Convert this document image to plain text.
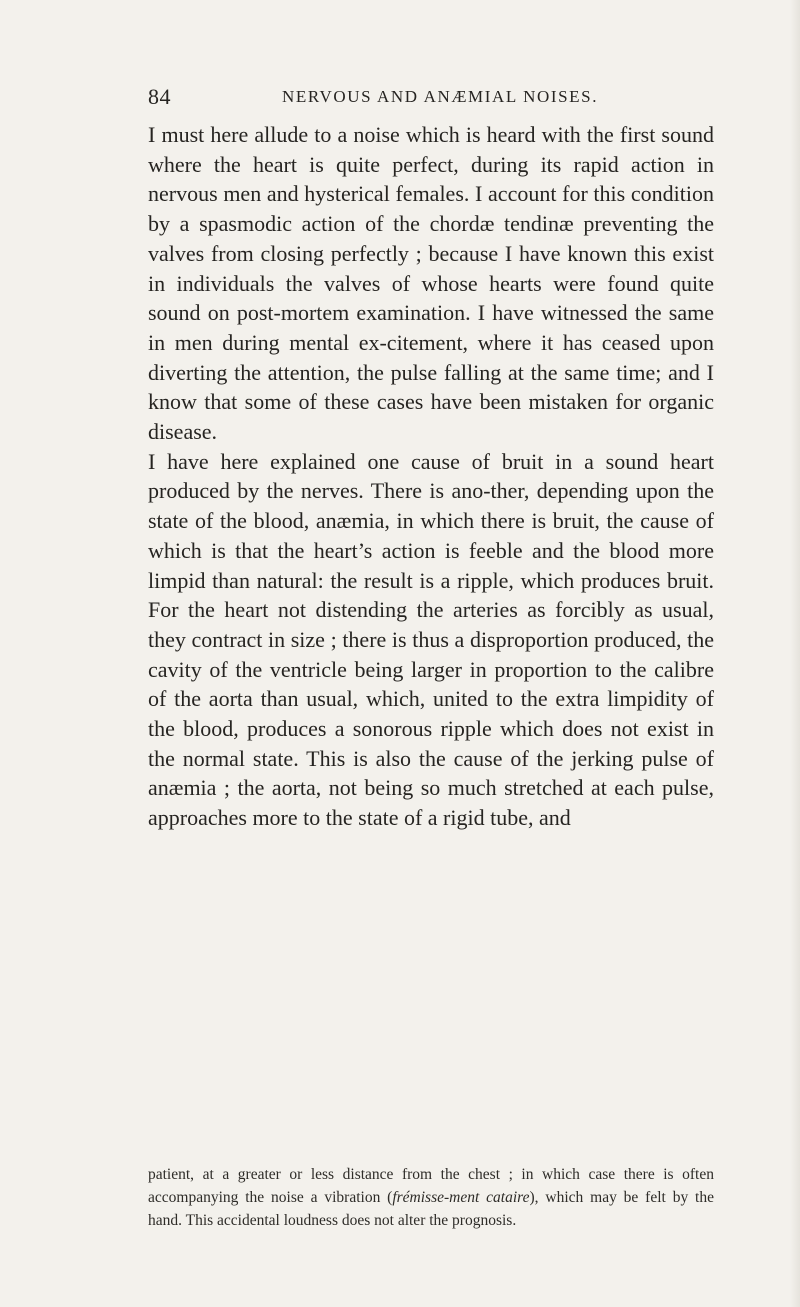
84	NERVOUS AND ANÆMIAL NOISES.

I must here allude to a noise which is heard with the first sound where the heart is quite perfect, during its rapid action in nervous men and hysterical females. I account for this condition by a spasmodic action of the chordæ tendinæ preventing the valves from closing perfectly ; because I have known this exist in individuals the valves of whose hearts were found quite sound on post-mortem examination. I have witnessed the same in men during mental ex-citement, where it has ceased upon diverting the attention, the pulse falling at the same time; and I know that some of these cases have been mistaken for organic disease.

I have here explained one cause of bruit in a sound heart produced by the nerves. There is ano-ther, depending upon the state of the blood, anæmia, in which there is bruit, the cause of which is that the heart’s action is feeble and the blood more limpid than natural: the result is a ripple, which produces bruit. For the heart not distending the arteries as forcibly as usual, they contract in size ; there is thus a disproportion produced, the cavity of the ventricle being larger in proportion to the calibre of the aorta than usual, which, united to the extra limpidity of the blood, produces a sonorous ripple which does not exist in the normal state. This is also the cause of the jerking pulse of anæmia ; the aorta, not being so much stretched at each pulse, approaches more to the state of a rigid tube, and

patient, at a greater or less distance from the chest ; in which case there is often accompanying the noise a vibration (frémisse-ment cataire), which may be felt by the hand. This accidental loudness does not alter the prognosis.
